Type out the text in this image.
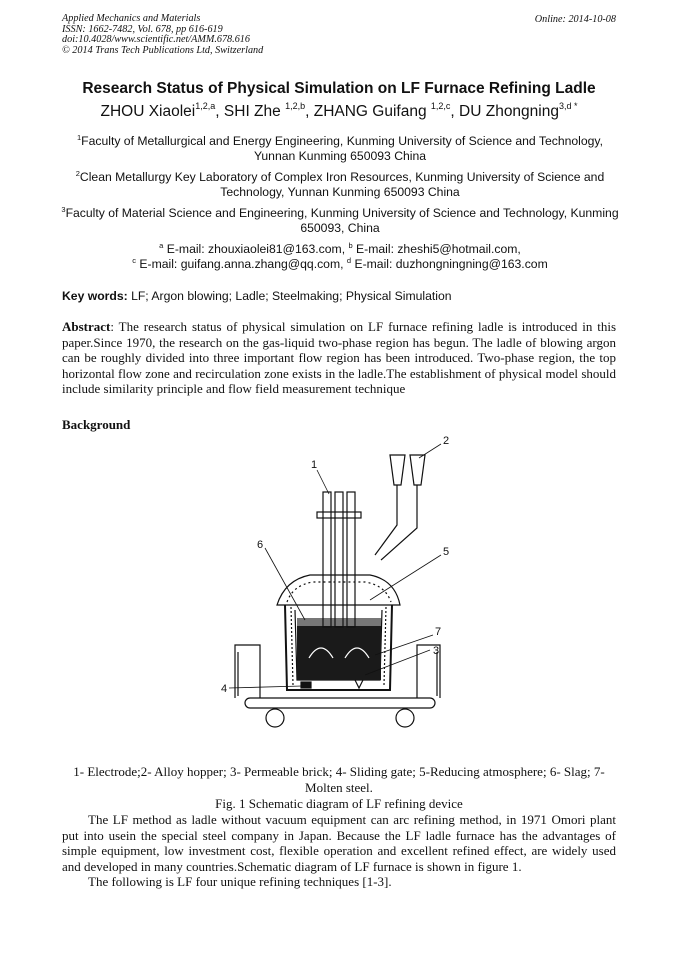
Applied Mechanics and Materials
ISSN: 1662-7482, Vol. 678, pp 616-619
doi:10.4028/www.scientific.net/AMM.678.616
© 2014 Trans Tech Publications Ltd, Switzerland
Online: 2014-10-08
Research Status of Physical Simulation on LF Furnace Refining Ladle
ZHOU Xiaolei$^{1,2,a}$, SHI Zhe $^{1,2,b}$, ZHANG Guifang $^{1,2,c}$, DU Zhongning$^{3,d *}$
$^1$Faculty of Metallurgical and Energy Engineering, Kunming University of Science and Technology, Yunnan Kunming 650093 China
$^2$Clean Metallurgy Key Laboratory of Complex Iron Resources, Kunming University of Science and Technology, Yunnan Kunming 650093 China
$^3$Faculty of Material Science and Engineering, Kunming University of Science and Technology, Kunming 650093, China
$^a$ E-mail: zhouxiaolei81@163.com, $^b$ E-mail: zheshi5@hotmail.com,
$^c$ E-mail: guifang.anna.zhang@qq.com, $^d$ E-mail: duzhongningning@163.com
Key words: LF; Argon blowing; Ladle; Steelmaking; Physical Simulation
Abstract: The research status of physical simulation on LF furnace refining ladle is introduced in this paper.Since 1970, the research on the gas-liquid two-phase region has begun. The ladle of blowing argon can be roughly divided into three important flow region has been introduced. Two-phase region, the top horizontal flow zone and recirculation zone exists in the ladle.The establishment of physical model should include similarity principle and flow field measurement technique
Background
1
2
3
4
5
6
7
1- Electrode;2- Alloy hopper; 3- Permeable brick; 4- Sliding gate; 5-Reducing atmosphere; 6- Slag; 7-Molten steel.
Fig. 1 Schematic diagram of LF refining device

The LF method as ladle without vacuum equipment can arc refining method, in 1971 Omori plant put into usein the special steel company in Japan. Because the LF ladle furnace has the advantages of simple equipment, low investment cost, flexible operation and excellent refined effect, are widely used and developed in many countries.Schematic diagram of LF furnace is shown in figure 1.

The following is LF four unique refining techniques [1-3].
